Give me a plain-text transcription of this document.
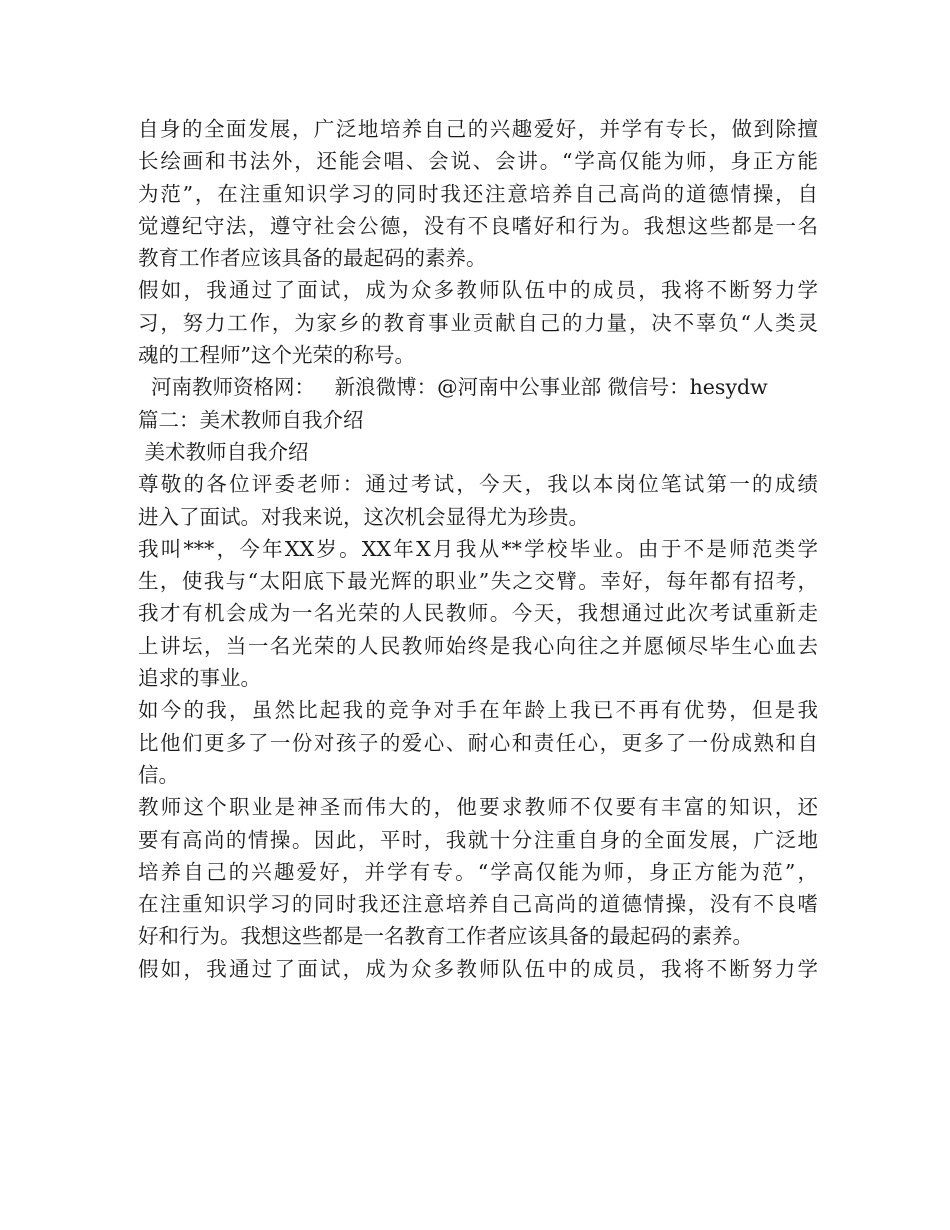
自身的全面发展，广泛地培养自己的兴趣爱好，并学有专长，做到除擅
长绘画和书法外，还能会唱、会说、会讲。“学高仅能为师，身正方能
为范”，在注重知识学习的同时我还注意培养自己高尚的道德情操，自
觉遵纪守法，遵守社会公德，没有不良嗜好和行为。我想这些都是一名
教育工作者应该具备的最起码的素养。
假如，我通过了面试，成为众多教师队伍中的成员，我将不断努力学
习，努力工作，为家乡的教育事业贡献自己的力量，决不辜负“人类灵
魂的工程师”这个光荣的称号。
河南教师资格网：   新浪微博：@河南中公事业部 微信号：hesydw
篇二：美术教师自我介绍
美术教师自我介绍
尊敬的各位评委老师：通过考试，今天，我以本岗位笔试第一的成绩
进入了面试。对我来说，这次机会显得尤为珍贵。
我叫***，今年XX岁。XX年X月我从**学校毕业。由于不是师范类学
生，使我与“太阳底下最光辉的职业”失之交臂。幸好，每年都有招考，
我才有机会成为一名光荣的人民教师。今天，我想通过此次考试重新走
上讲坛，当一名光荣的人民教师始终是我心向往之并愿倾尽毕生心血去
追求的事业。
如今的我，虽然比起我的竞争对手在年龄上我已不再有优势，但是我
比他们更多了一份对孩子的爱心、耐心和责任心，更多了一份成熟和自
信。
教师这个职业是神圣而伟大的，他要求教师不仅要有丰富的知识，还
要有高尚的情操。因此，平时，我就十分注重自身的全面发展，广泛地
培养自己的兴趣爱好，并学有专。“学高仅能为师，身正方能为范”，
在注重知识学习的同时我还注意培养自己高尚的道德情操，没有不良嗜
好和行为。我想这些都是一名教育工作者应该具备的最起码的素养。
假如，我通过了面试，成为众多教师队伍中的成员，我将不断努力学
